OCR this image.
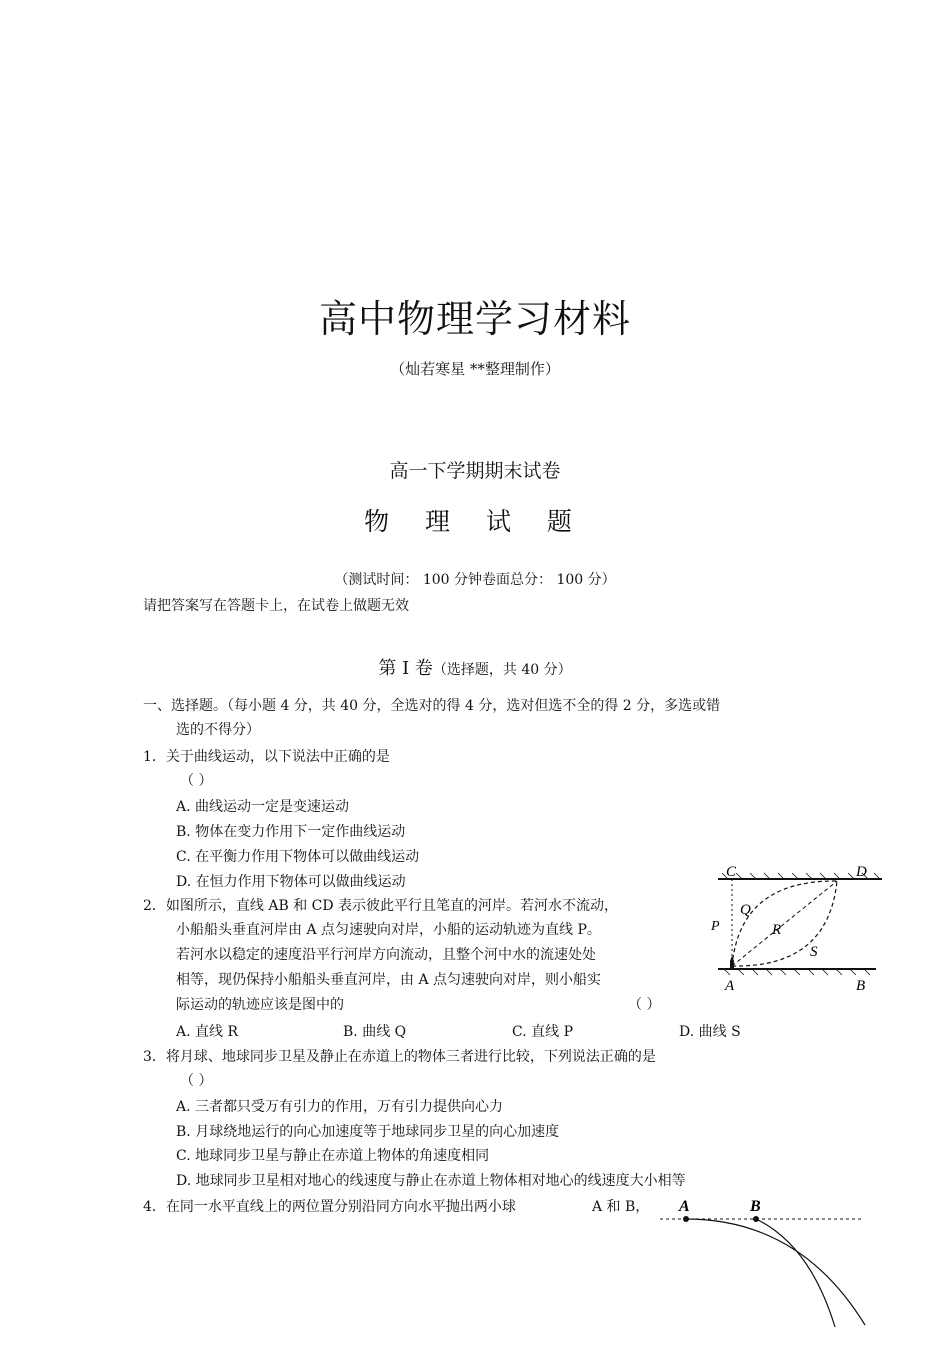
高中物理学习材料
（灿若寒星 **整理制作）
高一下学期期末试卷
物 理 试 题
（测试时间： 100 分钟卷面总分： 100 分）
请把答案写在答题卡上，在试卷上做题无效
第 Ⅰ 卷（选择题，共 40 分）
一、选择题。（每小题 4 分，共 40 分，全选对的得 4 分，选对但选不全的得 2 分，多选或错
选的不得分）
1．关于曲线运动，以下说法中正确的是
（ ）
A. 曲线运动一定是变速运动
B. 物体在变力作用下一定作曲线运动
C. 在平衡力作用下物体可以做曲线运动
D. 在恒力作用下物体可以做曲线运动
2．如图所示，直线 AB 和 CD 表示彼此平行且笔直的河岸。若河水不流动，
小船船头垂直河岸由 A 点匀速驶向对岸，小船的运动轨迹为直线 P。
若河水以稳定的速度沿平行河岸方向流动，且整个河中水的流速处处
相等，现仍保持小船船头垂直河岸，由 A 点匀速驶向对岸，则小船实
际运动的轨迹应该是图中的	（ ）
A. 直线 R	B. 曲线 Q	C. 直线 P	D. 曲线 S
C	D
P
Q
R
S
A	B
3．将月球、地球同步卫星及静止在赤道上的物体三者进行比较，下列说法正确的是
（ ）
A. 三者都只受万有引力的作用，万有引力提供向心力
B. 月球绕地运行的向心加速度等于地球同步卫星的向心加速度
C. 地球同步卫星与静止在赤道上物体的角速度相同
D. 地球同步卫星相对地心的线速度与静止在赤道上物体相对地心的线速度大小相等
4．在同一水平直线上的两位置分别沿同方向水平抛出两小球	A 和 B， A	B
